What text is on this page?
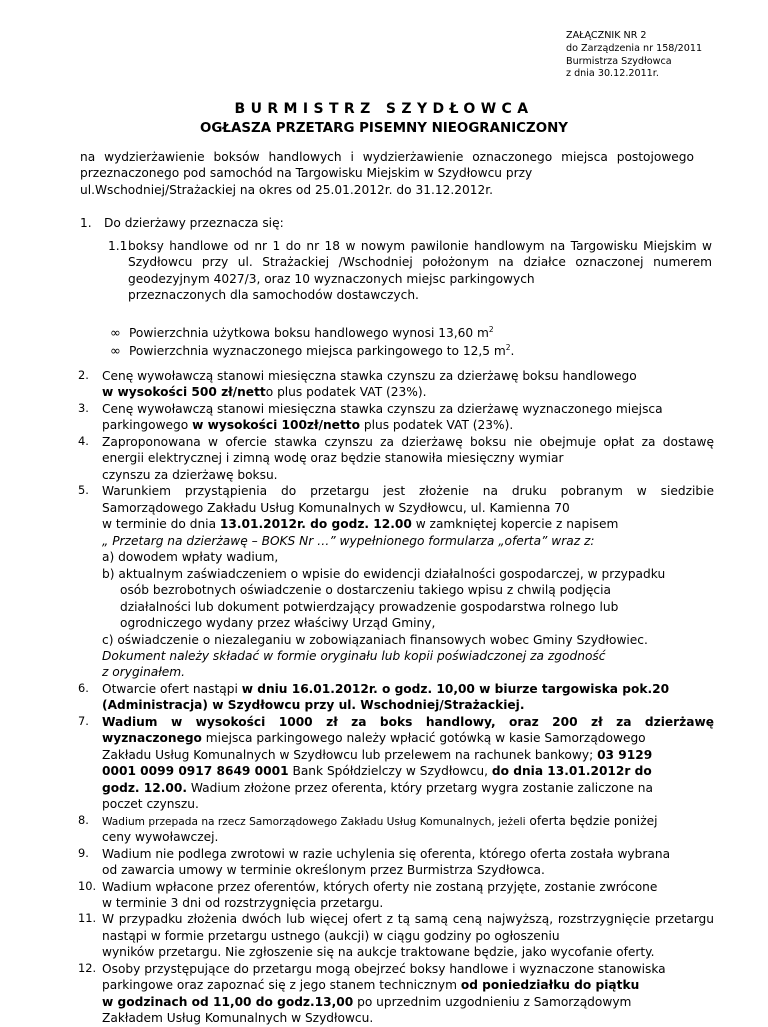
ZAŁĄCZNIK NR 2
do Zarządzenia nr 158/2011
Burmistrza Szydłowca
z dnia 30.12.2011r.
BURMISTRZ SZYDŁOWCA
OGŁASZA PRZETARG PISEMNY NIEOGRANICZONY
na wydzierżawienie boksów handlowych i wydzierżawienie oznaczonego miejsca postojowego przeznaczonego pod samochód na Targowisku Miejskim w Szydłowcu przy
ul.Wschodniej/Strażackiej na okres od 25.01.2012r. do 31.12.2012r.
1. Do dzierżawy przeznacza się:
1.1 boksy handlowe od nr 1 do nr 18 w nowym pawilonie handlowym na Targowisku Miejskim w Szydłowcu przy ul. Strażackiej /Wschodniej położonym na działce oznaczonej numerem geodezyjnym 4027/3, oraz 10 wyznaczonych miejsc parkingowych
przeznaczonych dla samochodów dostawczych.
∞ Powierzchnia użytkowa boksu handlowego wynosi 13,60 $m^2$
∞ Powierzchnia wyznaczonego miejsca parkingowego to 12,5 $m^2$.
2. Cenę wywoławczą stanowi miesięczna stawka czynszu za dzierżawę boksu handlowego
w wysokości 500 zł/netto plus podatek VAT (23%).
3. Cenę wywoławczą stanowi miesięczna stawka czynszu za dzierżawę wyznaczonego miejsca
parkingowego w wysokości 100zł/netto plus podatek VAT (23%).
4. Zaproponowana w ofercie stawka czynszu za dzierżawę boksu nie obejmuje opłat za dostawę energii elektrycznej i zimną wodę oraz będzie stanowiła miesięczny wymiar
czynszu za dzierżawę boksu.
5. Warunkiem przystąpienia do przetargu jest złożenie na druku pobranym w siedzibie Samorządowego Zakładu Usług Komunalnych w Szydłowcu, ul. Kamienna 70
w terminie do dnia 13.01.2012r. do godz. 12.00 w zamkniętej kopercie z napisem
„ Przetarg na dzierżawę – BOKS Nr …” wypełnionego formularza „oferta” wraz z:
a) dowodem wpłaty wadium,
b) aktualnym zaświadczeniem o wpisie do ewidencji działalności gospodarczej, w przypadku
osób bezrobotnych oświadczenie o dostarczeniu takiego wpisu z chwilą podjęcia
działalności lub dokument potwierdzający prowadzenie gospodarstwa rolnego lub
ogrodniczego wydany przez właściwy Urząd Gminy,
c) oświadczenie o niezaleganiu w zobowiązaniach finansowych wobec Gminy Szydłowiec.
Dokument należy składać w formie oryginału lub kopii poświadczonej za zgodność
z oryginałem.
6. Otwarcie ofert nastąpi w dniu 16.01.2012r. o godz. 10,00 w biurze targowiska pok.20
(Administracja) w Szydłowcu przy ul. Wschodniej/Strażackiej.
7. Wadium w wysokości 1000 zł za boks handlowy, oraz 200 zł za dzierżawę
wyznaczonego miejsca parkingowego należy wpłacić gotówką w kasie Samorządowego
Zakładu Usług Komunalnych w Szydłowcu lub przelewem na rachunek bankowy; 03 9129
0001 0099 0917 8649 0001 Bank Spółdzielczy w Szydłowcu, do dnia 13.01.2012r do
godz. 12.00. Wadium złożone przez oferenta, który przetarg wygra zostanie zaliczone na
poczet czynszu.
8. Wadium przepada na rzecz Samorządowego Zakładu Usług Komunalnych, jeżeli oferta będzie poniżej
ceny wywoławczej.
9. Wadium nie podlega zwrotowi w razie uchylenia się oferenta, którego oferta została wybrana
od zawarcia umowy w terminie określonym przez Burmistrza Szydłowca.
10. Wadium wpłacone przez oferentów, których oferty nie zostaną przyjęte, zostanie zwrócone
w terminie 3 dni od rozstrzygnięcia przetargu.
11. W przypadku złożenia dwóch lub więcej ofert z tą samą ceną najwyższą, rozstrzygnięcie przetargu nastąpi w formie przetargu ustnego (aukcji) w ciągu godziny po ogłoszeniu
wyników przetargu. Nie zgłoszenie się na aukcje traktowane będzie, jako wycofanie oferty.
12. Osoby przystępujące do przetargu mogą obejrzeć boksy handlowe i wyznaczone stanowiska
parkingowe oraz zapoznać się z jego stanem technicznym od poniedziałku do piątku
w godzinach od 11,00 do godz.13,00 po uprzednim uzgodnieniu z Samorządowym
Zakładem Usług Komunalnych w Szydłowcu.
